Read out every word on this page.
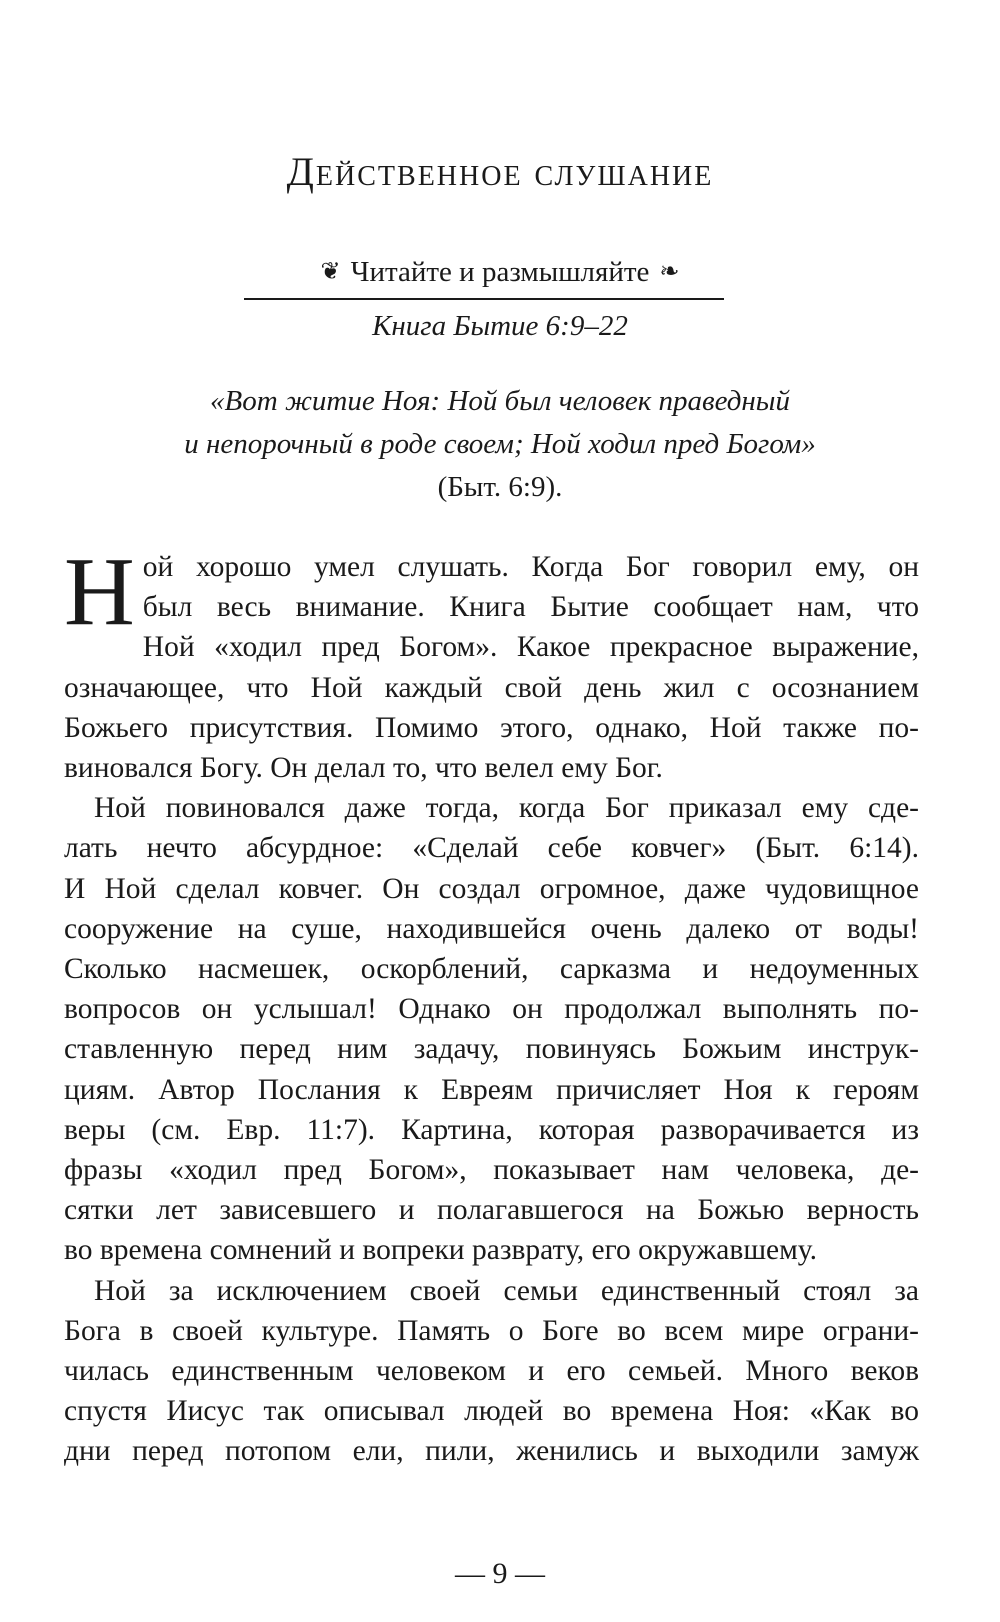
Действенное слушание
❦ Читайте и размышляйте ❧
Книга Бытие 6:9–22
«Вот житие Ноя: Ной был человек праведный
и непорочный в роде своем; Ной ходил пред Богом»
(Быт. 6:9).
Н ой хорошо умел слушать. Когда Бог говорил ему, он
был весь внимание. Книга Бытие сообщает нам, что
Ной «ходил пред Богом». Какое прекрасное выражение,
означающее, что Ной каждый свой день жил с осознанием
Божьего присутствия. Помимо этого, однако, Ной также по-
виновался Богу. Он делал то, что велел ему Бог.
Ной повиновался даже тогда, когда Бог приказал ему сде-
лать нечто абсурдное: «Сделай себе ковчег» (Быт. 6:14).
И Ной сделал ковчег. Он создал огромное, даже чудовищное
сооружение на суше, находившейся очень далеко от воды!
Сколько насмешек, оскорблений, сарказма и недоуменных
вопросов он услышал! Однако он продолжал выполнять по-
ставленную перед ним задачу, повинуясь Божьим инструк-
циям. Автор Послания к Евреям причисляет Ноя к героям
веры (см. Евр. 11:7). Картина, которая разворачивается из
фразы «ходил пред Богом», показывает нам человека, де-
сятки лет зависевшего и полагавшегося на Божью верность
во времена сомнений и вопреки разврату, его окружавшему.
Ной за исключением своей семьи единственный стоял за
Бога в своей культуре. Память о Боге во всем мире ограни-
чилась единственным человеком и его семьей. Много веков
спустя Иисус так описывал людей во времена Ноя: «Как во
дни перед потопом ели, пили, женились и выходили замуж
— 9 —
